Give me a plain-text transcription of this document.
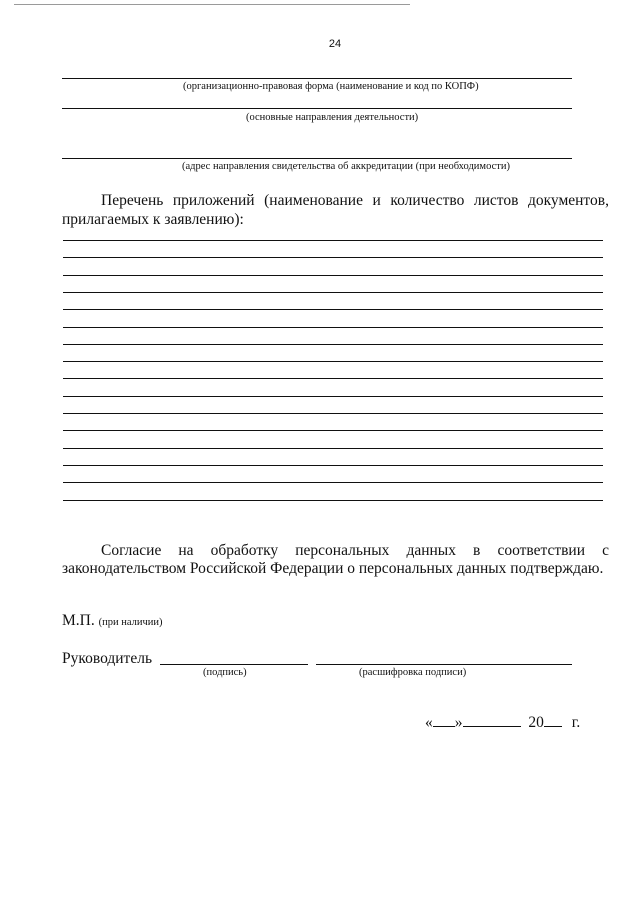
24
(организационно-правовая форма (наименование и код по КОПФ)
(основные направления деятельности)
(адрес направления свидетельства об аккредитации (при необходимости)
Перечень приложений (наименование и количество листов документов,
прилагаемых к заявлению):
Согласие на обработку персональных данных в соответствии с
законодательством Российской Федерации о персональных данных подтверждаю.
М.П. (при наличии)
Руководитель
(подпись)	(расшифровка подписи)
« »	20 г.
